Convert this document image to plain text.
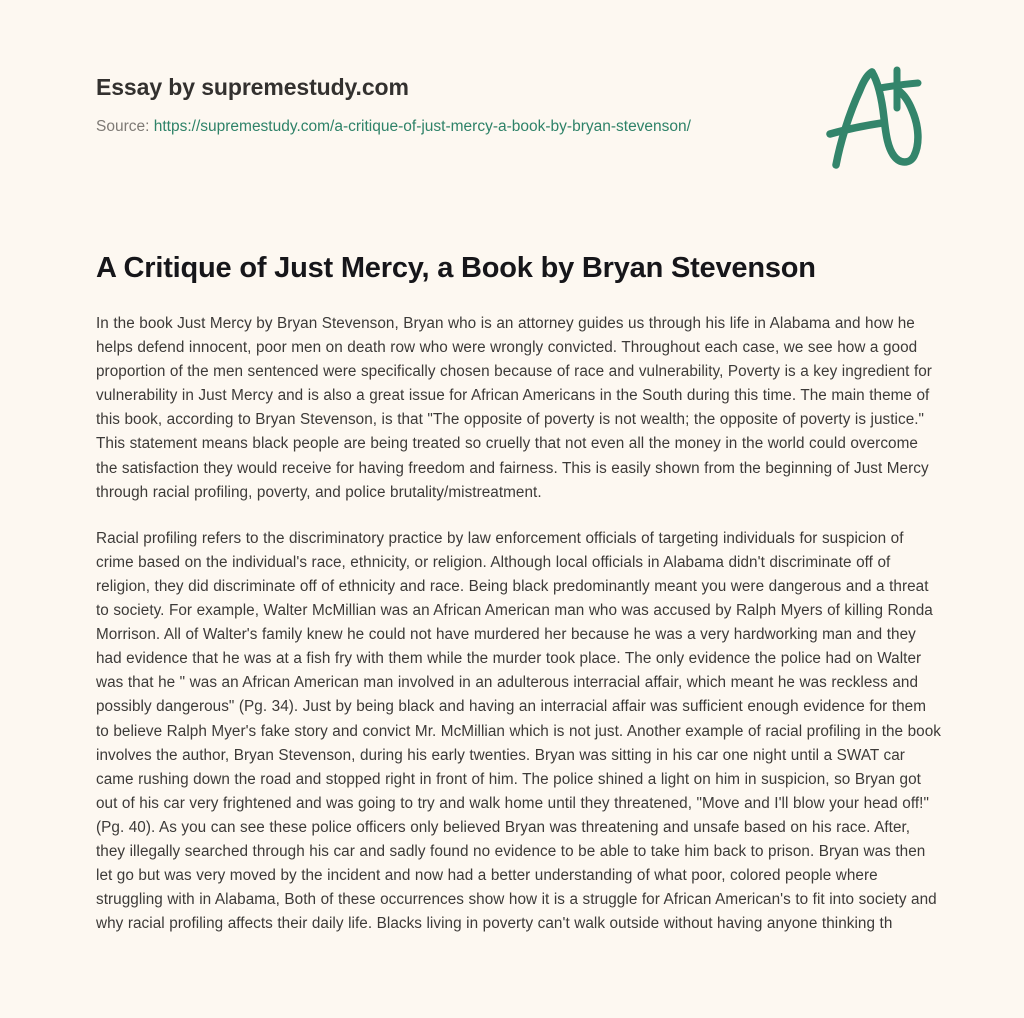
Essay by supremestudy.com
Source: https://supremestudy.com/a-critique-of-just-mercy-a-book-by-bryan-stevenson/
A Critique of Just Mercy, a Book by Bryan Stevenson

In the book Just Mercy by Bryan Stevenson, Bryan who is an attorney guides us through his life in Alabama and how he helps defend innocent, poor men on death row who were wrongly convicted. Throughout each case, we see how a good proportion of the men sentenced were specifically chosen because of race and vulnerability, Poverty is a key ingredient for vulnerability in Just Mercy and is also a great issue for African Americans in the South during this time. The main theme of this book, according to Bryan Stevenson, is that "The opposite of poverty is not wealth; the opposite of poverty is justice." This statement means black people are being treated so cruelly that not even all the money in the world could overcome the satisfaction they would receive for having freedom and fairness. This is easily shown from the beginning of Just Mercy through racial profiling, poverty, and police brutality/mistreatment.

Racial profiling refers to the discriminatory practice by law enforcement officials of targeting individuals for suspicion of crime based on the individual's race, ethnicity, or religion. Although local officials in Alabama didn't discriminate off of religion, they did discriminate off of ethnicity and race. Being black predominantly meant you were dangerous and a threat to society. For example, Walter McMillian was an African American man who was accused by Ralph Myers of killing Ronda Morrison. All of Walter's family knew he could not have murdered her because he was a very hardworking man and they had evidence that he was at a fish fry with them while the murder took place. The only evidence the police had on Walter was that he " was an African American man involved in an adulterous interracial affair, which meant he was reckless and possibly dangerous" (Pg. 34). Just by being black and having an interracial affair was sufficient enough evidence for them to believe Ralph Myer's fake story and convict Mr. McMillian which is not just. Another example of racial profiling in the book involves the author, Bryan Stevenson, during his early twenties. Bryan was sitting in his car one night until a SWAT car came rushing down the road and stopped right in front of him. The police shined a light on him in suspicion, so Bryan got out of his car very frightened and was going to try and walk home until they threatened, "Move and I'll blow your head off!" (Pg. 40). As you can see these police officers only believed Bryan was threatening and unsafe based on his race. After, they illegally searched through his car and sadly found no evidence to be able to take him back to prison. Bryan was then let go but was very moved by the incident and now had a better understanding of what poor, colored people where struggling with in Alabama, Both of these occurrences show how it is a struggle for African American's to fit into society and why racial profiling affects their daily life. Blacks living in poverty can't walk outside without having anyone thinking th
